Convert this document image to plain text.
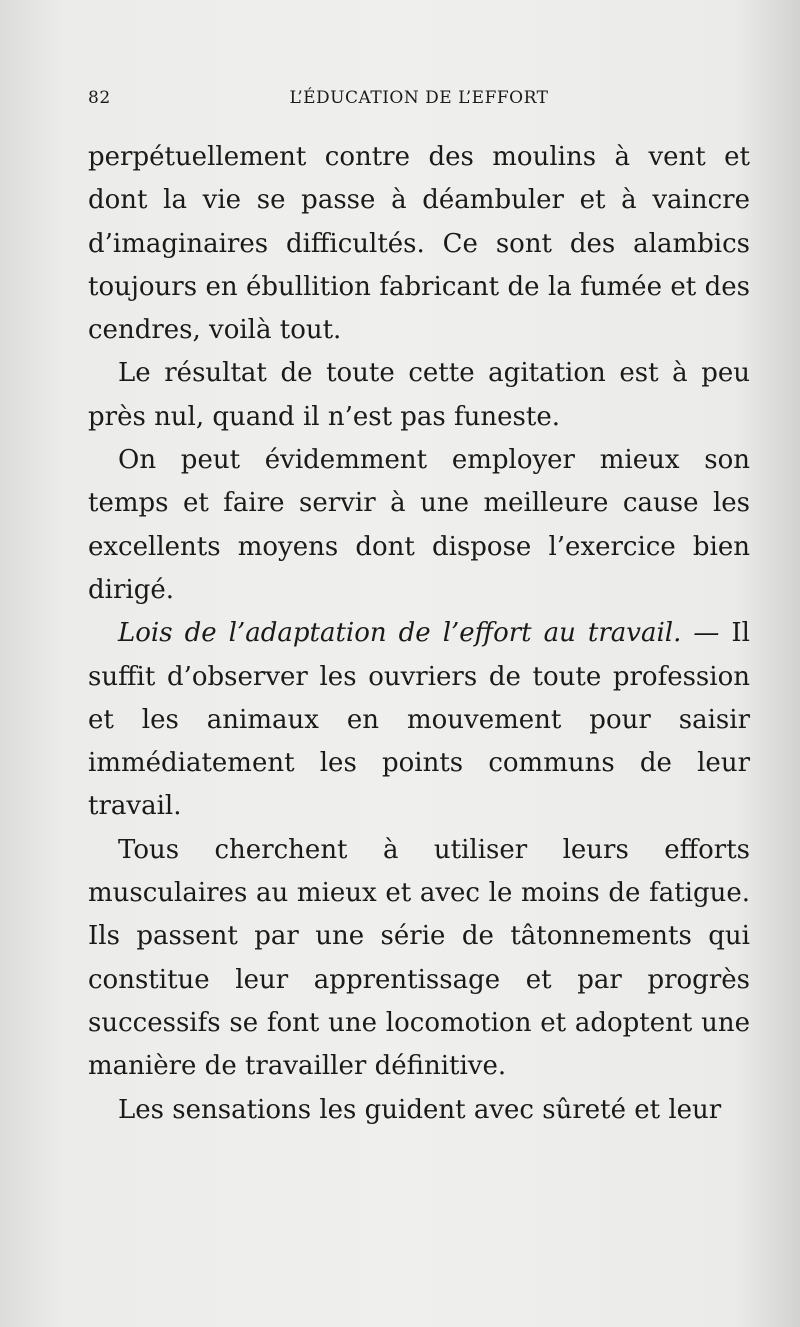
82	L’ÉDUCATION DE L’EFFORT

perpétuellement contre des moulins à vent et dont la vie se passe à déambuler et à vaincre d’imaginaires difficultés. Ce sont des alambics toujours en ébullition fabricant de la fumée et des cendres, voilà tout.

Le résultat de toute cette agitation est à peu près nul, quand il n’est pas funeste.

On peut évidemment employer mieux son temps et faire servir à une meilleure cause les excellents moyens dont dispose l’exercice bien dirigé.

Lois de l’adaptation de l’effort au travail. — Il suffit d’observer les ouvriers de toute profession et les animaux en mouvement pour saisir immédiatement les points communs de leur travail.

Tous cherchent à utiliser leurs efforts musculaires au mieux et avec le moins de fatigue. Ils passent par une série de tâtonnements qui constitue leur apprentissage et par progrès successifs se font une locomotion et adoptent une manière de travailler définitive.

Les sensations les guident avec sûreté et leur
